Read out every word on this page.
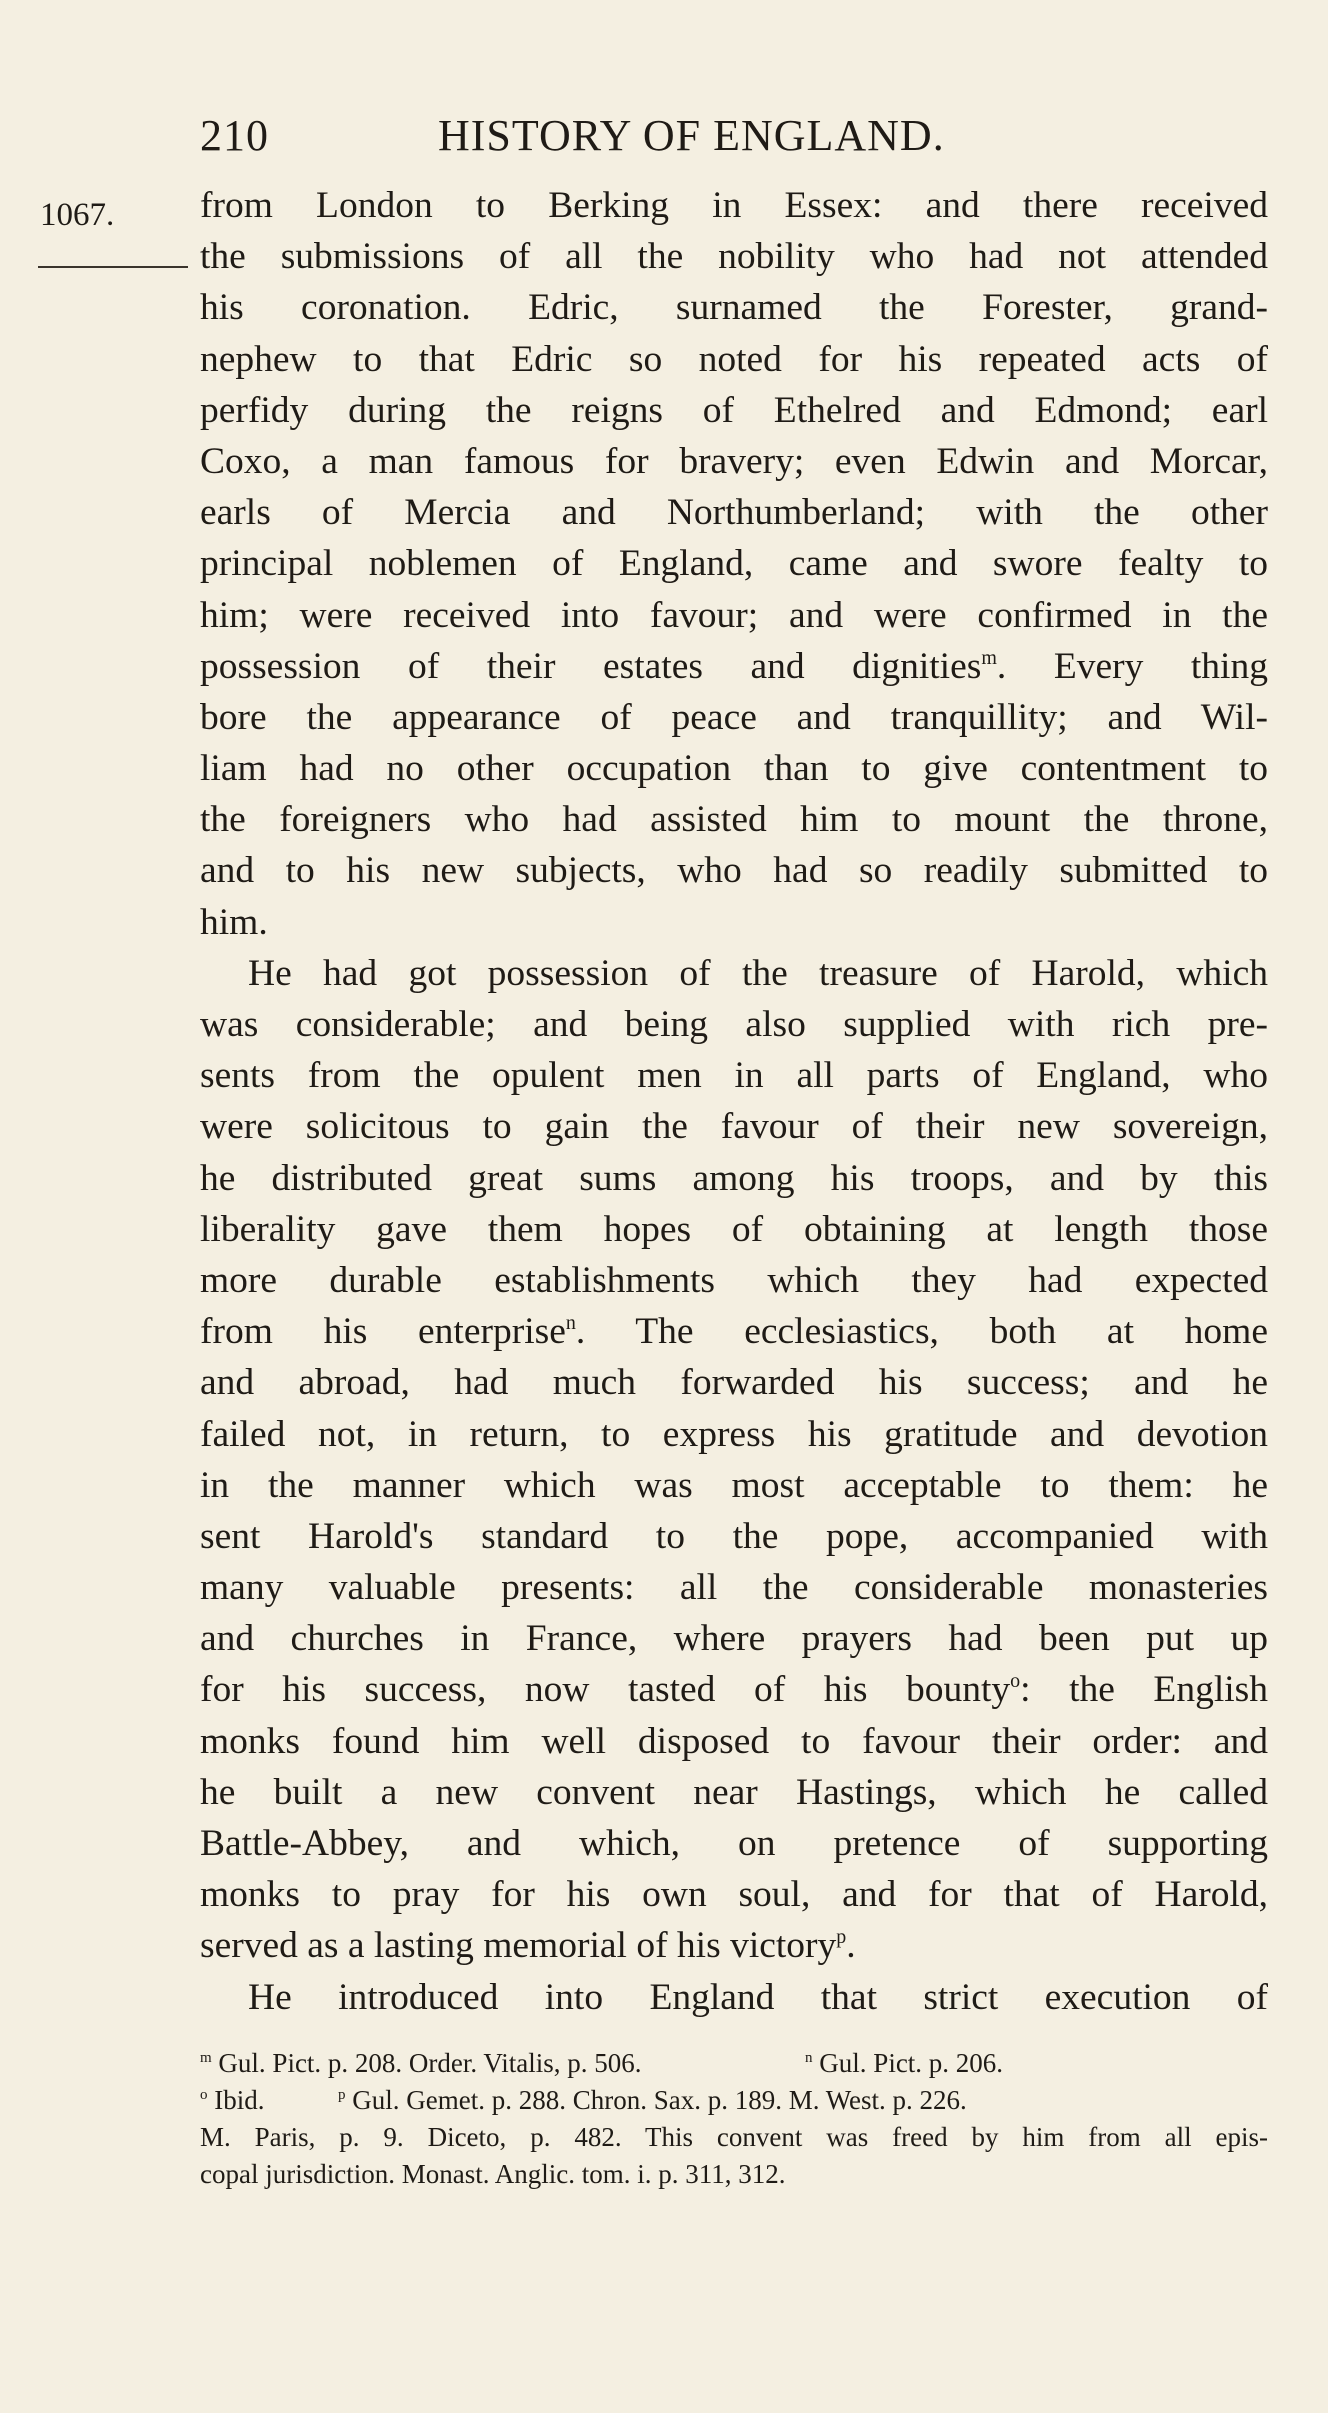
210	HISTORY OF ENGLAND.
1067. from London to Berking in Essex: and there received
the submissions of all the nobility who had not attended
his coronation. Edric, surnamed the Forester, grand-
nephew to that Edric so noted for his repeated acts of
perfidy during the reigns of Ethelred and Edmond; earl
Coxo, a man famous for bravery; even Edwin and Morcar,
earls of Mercia and Northumberland; with the other
principal noblemen of England, came and swore fealty to
him; were received into favour; and were confirmed in the
possession of their estates and dignities$^m$. Every thing
bore the appearance of peace and tranquillity; and Wil-
liam had no other occupation than to give contentment to
the foreigners who had assisted him to mount the throne,
and to his new subjects, who had so readily submitted to
him.
He had got possession of the treasure of Harold, which
was considerable; and being also supplied with rich pre-
sents from the opulent men in all parts of England, who
were solicitous to gain the favour of their new sovereign,
he distributed great sums among his troops, and by this
liberality gave them hopes of obtaining at length those
more durable establishments which they had expected
from his enterprise$^n$. The ecclesiastics, both at home
and abroad, had much forwarded his success; and he
failed not, in return, to express his gratitude and devotion
in the manner which was most acceptable to them: he
sent Harold's standard to the pope, accompanied with
many valuable presents: all the considerable monasteries
and churches in France, where prayers had been put up
for his success, now tasted of his bounty$^o$: the English
monks found him well disposed to favour their order: and
he built a new convent near Hastings, which he called
Battle-Abbey, and which, on pretence of supporting
monks to pray for his own soul, and for that of Harold,
served as a lasting memorial of his victory$^p$.
He introduced into England that strict execution of
$^m$ Gul. Pict. p. 208. Order. Vitalis, p. 506.	$^n$ Gul. Pict. p. 206.
$^o$ Ibid.	$^p$ Gul. Gemet. p. 288. Chron. Sax. p. 189. M. West. p. 226.
M. Paris, p. 9. Diceto, p. 482. This convent was freed by him from all epis-
copal jurisdiction. Monast. Anglic. tom. i. p. 311, 312.
